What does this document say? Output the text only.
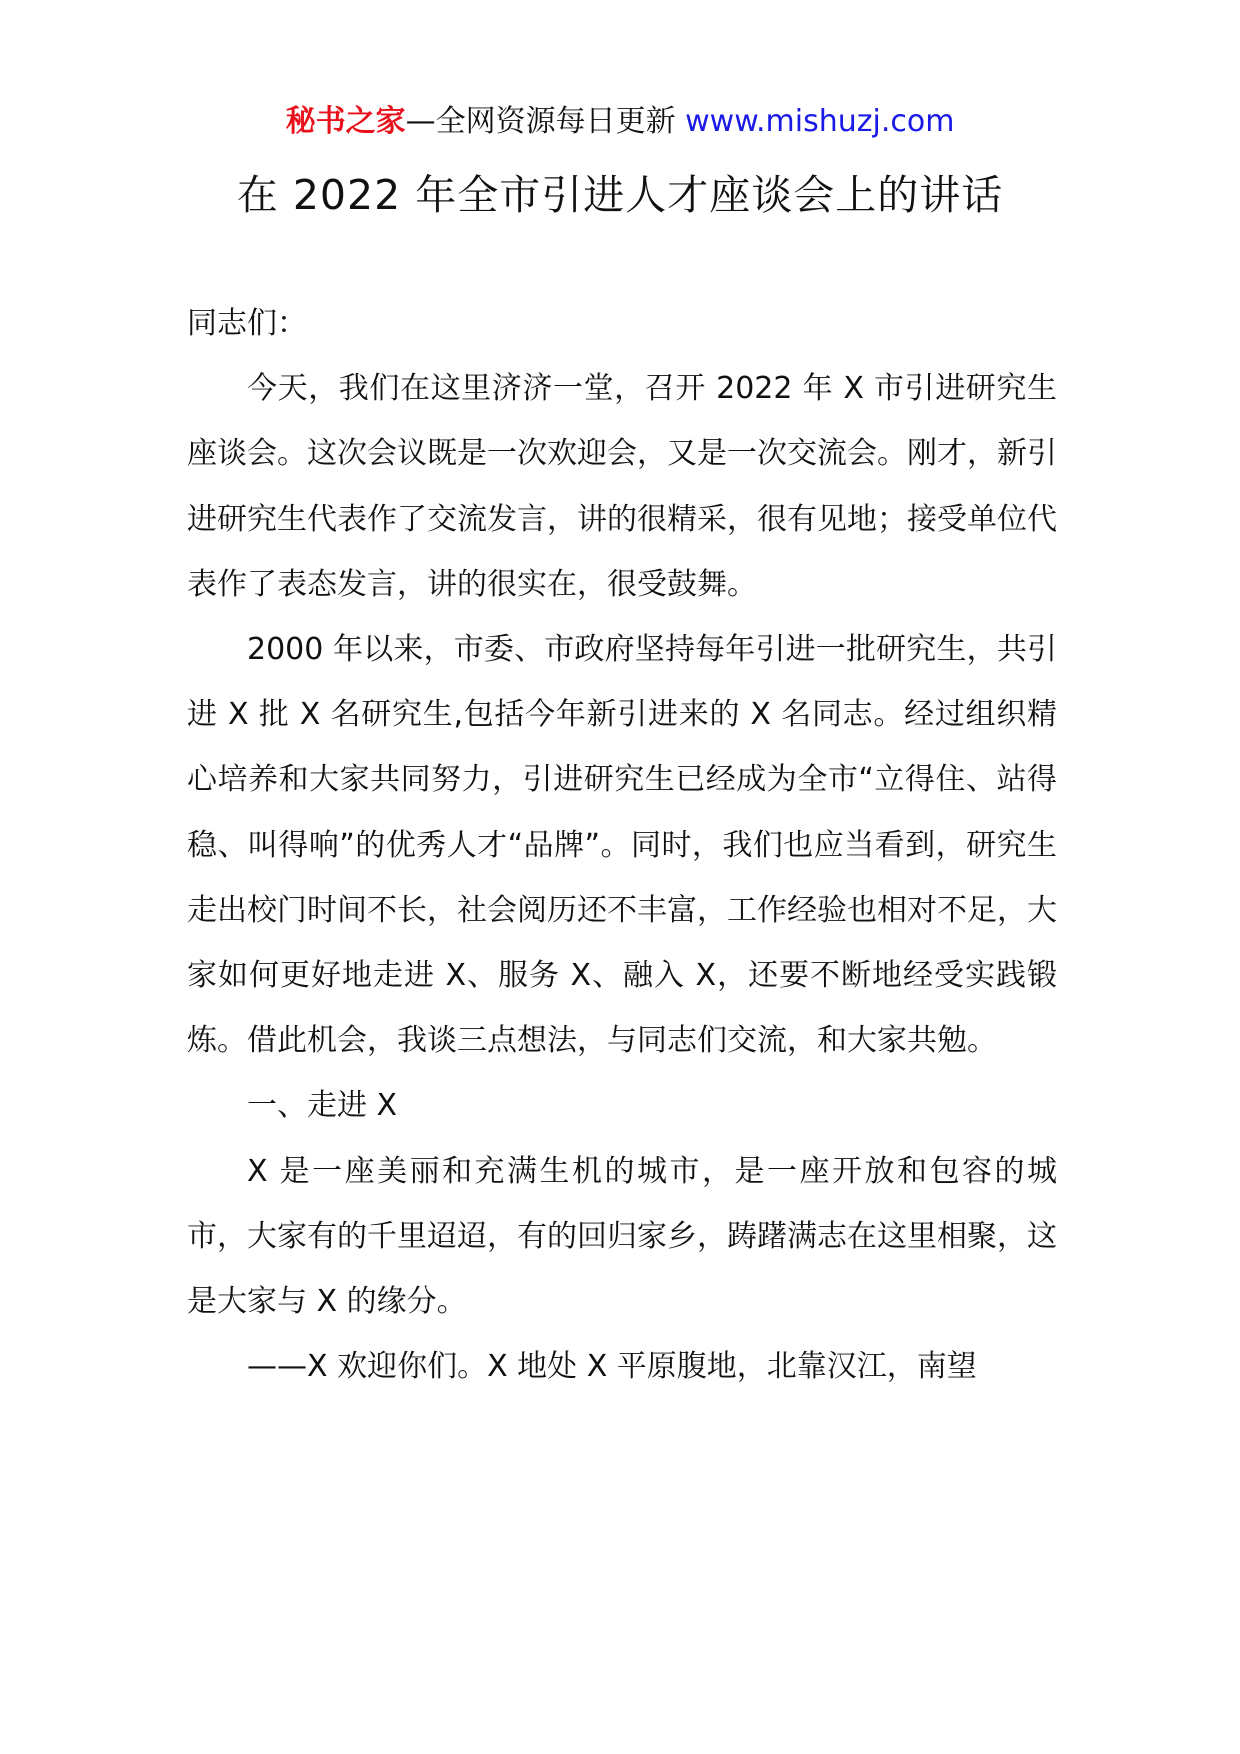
秘书之家—全网资源每日更新 www.mishuzj.com
在 2022 年全市引进人才座谈会上的讲话

同志们：

今天，我们在这里济济一堂，召开 2022 年 X 市引进研究生座谈会。这次会议既是一次欢迎会，又是一次交流会。刚才，新引进研究生代表作了交流发言，讲的很精采，很有见地；接受单位代表作了表态发言，讲的很实在，很受鼓舞。

2000 年以来，市委、市政府坚持每年引进一批研究生，共引进 X 批 X 名研究生,包括今年新引进来的 X 名同志。经过组织精心培养和大家共同努力，引进研究生已经成为全市“立得住、站得稳、叫得响”的优秀人才“品牌”。同时，我们也应当看到，研究生走出校门时间不长，社会阅历还不丰富，工作经验也相对不足，大家如何更好地走进 X、服务 X、融入 X，还要不断地经受实践锻炼。借此机会，我谈三点想法，与同志们交流，和大家共勉。

一、走进 X

X 是一座美丽和充满生机的城市，是一座开放和包容的城市，大家有的千里迢迢，有的回归家乡，踌躇满志在这里相聚，这是大家与 X 的缘分。

——X 欢迎你们。X 地处 X 平原腹地，北靠汉江，南望
